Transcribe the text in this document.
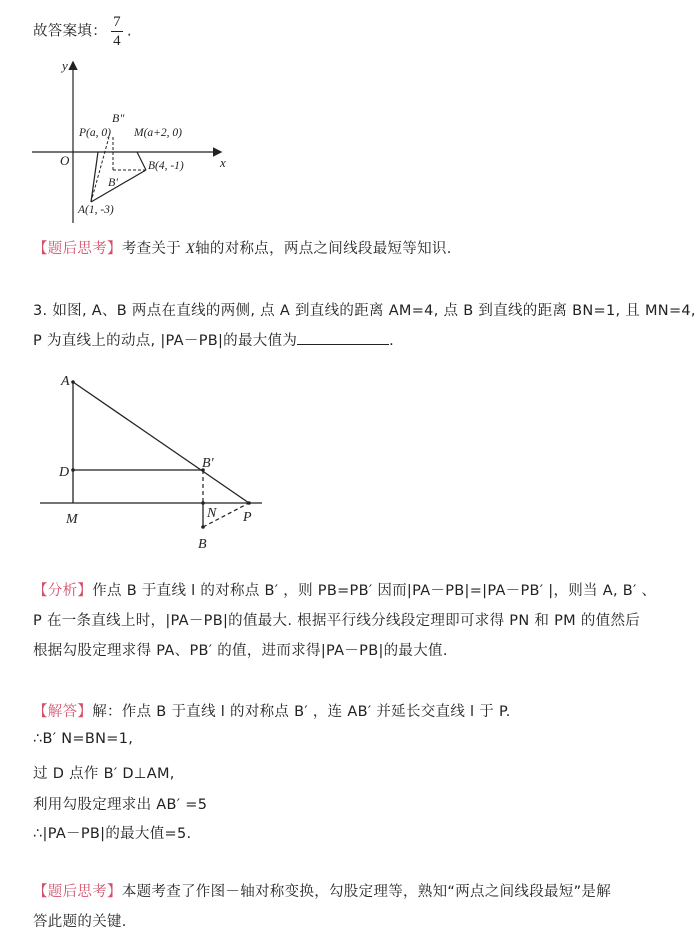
故答案填： $\frac{7}{4}$ .
y
x
O
B"
P(a, 0) M(a+2, 0)
B(4, -1)
B'
A(1, -3)
【题后思考】考查关于 X轴的对称点，两点之间线段最短等知识.
3. 如图, A、B 两点在直线的两侧, 点 A 到直线的距离 AM=4, 点 B 到直线的距离 BN=1, 且 MN=4,
P 为直线上的动点, |PA－PB|的最大值为	.
A
D
M
B'
N P
B
【分析】作点 B 于直线 l 的对称点 B′ ，则 PB=PB′ 因而|PA－PB|=|PA－PB′ |，则当 A, B′ 、
P 在一条直线上时，|PA－PB|的值最大. 根据平行线分线段定理即可求得 PN 和 PM 的值然后
根据勾股定理求得 PA、PB′ 的值，进而求得|PA－PB|的最大值.
【解答】解：作点 B 于直线 l 的对称点 B′ ，连 AB′ 并延长交直线 l 于 P.
∴B′ N=BN=1,
过 D 点作 B′ D⊥AM,
利用勾股定理求出 AB′ =5
∴|PA－PB|的最大值=5.
【题后思考】本题考查了作图－轴对称变换，勾股定理等，熟知“两点之间线段最短”是解
答此题的关键.
